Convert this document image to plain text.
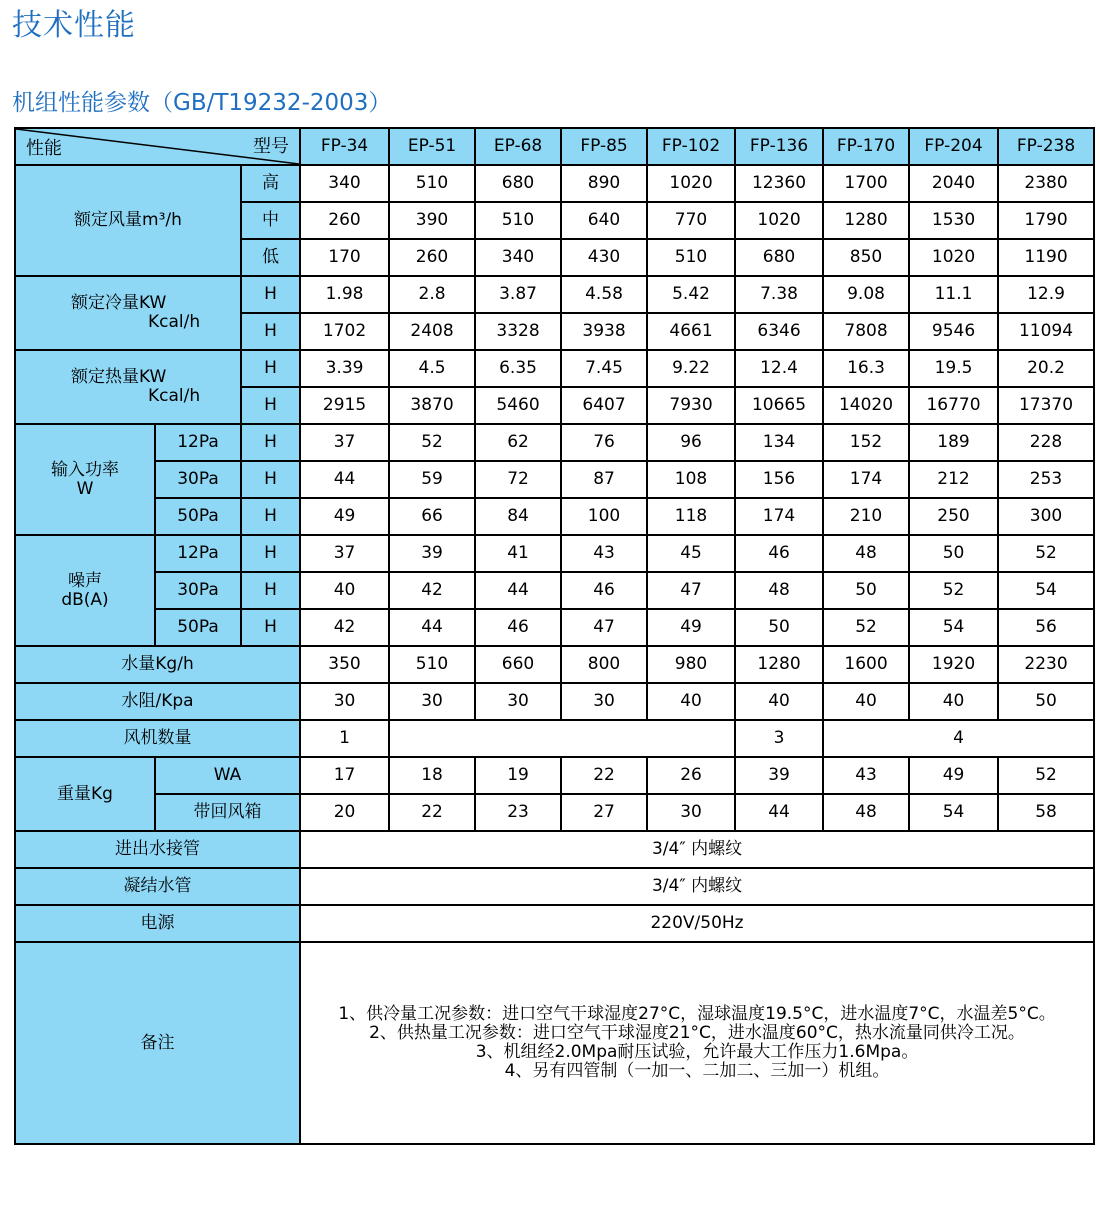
技术性能
机组性能参数（GB/T19232-2003）
性能 型号			FP-34	EP-51	EP-68	FP-85	FP-102	FP-136	FP-170	FP-204	FP-238
额定风量m³/h		高	340	510	680	890	1020	12360	1700	2040	2380
		中	260	390	510	640	770	1020	1280	1530	1790
		低	170	260	340	430	510	680	850	1020	1190

额定冷量KW
Kcal/h		H	1.98	2.8	3.87	4.58	5.42	7.38	9.08	11.1	12.9
		H	1702	2408	3328	3938	4661	6346	7808	9546	11094

额定热量KW
Kcal/h		H	3.39	4.5	6.35	7.45	9.22	12.4	16.3	19.5	20.2
		H	2915	3870	5460	6407	7930	10665	14020	16770	17370
输入功率
W	12Pa	H	37	52	62	76	96	134	152	189	228
	30Pa	H	44	59	72	87	108	156	174	212	253
	50Pa	H	49	66	84	100	118	174	210	250	300
噪声
dB(A)	12Pa	H	37	39	41	43	45	46	48	50	52
	30Pa	H	40	42	44	46	47	48	50	52	54
	50Pa	H	42	44	46	47	49	50	52	54	56
水量Kg/h			350	510	660	800	980	1280	1600	1920	2230
水阻/Kpa			30	30	30	30	40	40	40	40	50
风机数量			1					3	4		
重量Kg	WA		17	18	19	22	26	39	43	49	52
	带回风箱		20	22	23	27	30	44	48	54	58
进出水接管			3/4″ 内螺纹								
凝结水管			3/4″ 内螺纹								
电源			220V/50Hz								
备注			1、供冷量工况参数：进口空气干球湿度27°C，湿球温度19.5°C，进水温度7°C，水温差5°C。
2、供热量工况参数：进口空气干球湿度21°C，进水温度60°C，热水流量同供冷工况。
3、机组经2.0Mpa耐压试验，允许最大工作压力1.6Mpa。
4、另有四管制（一加一、二加二、三加一）机组。								
